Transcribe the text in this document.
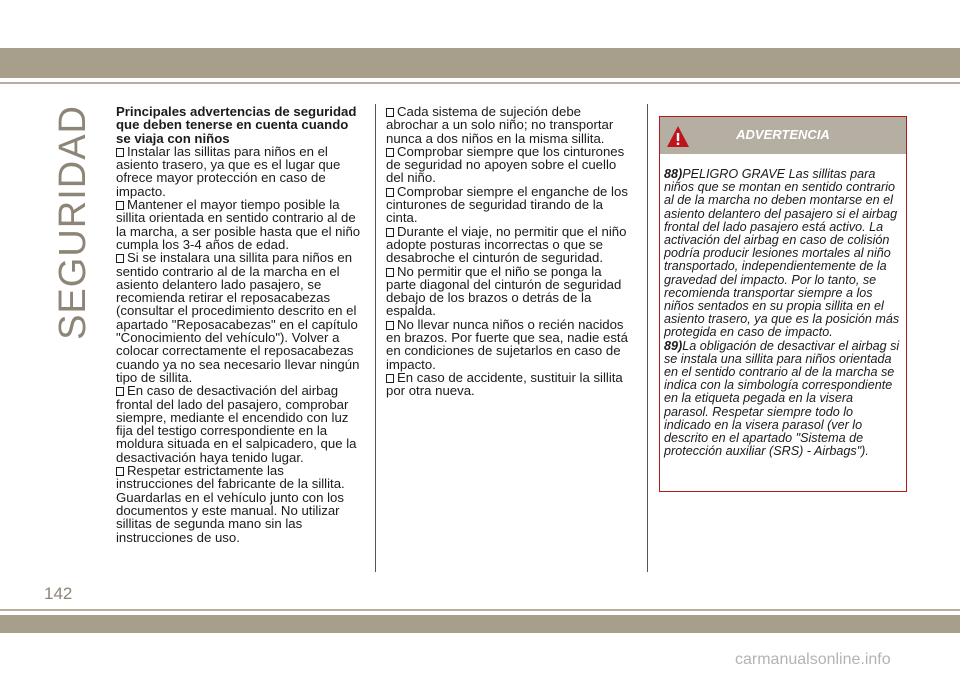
SEGURIDAD Principales advertencias de seguridad que deben tenerse en cuenta cuando se viaja con niños

Instalar las sillitas para niños en el asiento trasero, ya que es el lugar que ofrece mayor protección en caso de impacto.

Mantener el mayor tiempo posible la sillita orientada en sentido contrario al de la marcha, a ser posible hasta que el niño cumpla los 3-4 años de edad.

Si se instalara una sillita para niños en sentido contrario al de la marcha en el asiento delantero lado pasajero, se recomienda retirar el reposacabezas (consultar el procedimiento descrito en el apartado "Reposacabezas" en el capítulo "Conocimiento del vehículo"). Volver a colocar correctamente el reposacabezas cuando ya no sea necesario llevar ningún tipo de sillita.

En caso de desactivación del airbag frontal del lado del pasajero, comprobar siempre, mediante el encendido con luz fija del testigo correspondiente en la moldura situada en el salpicadero, que la desactivación haya tenido lugar.

Respetar estrictamente las instrucciones del fabricante de la sillita. Guardarlas en el vehículo junto con los documentos y este manual. No utilizar sillitas de segunda mano sin las instrucciones de uso.

Cada sistema de sujeción debe abrochar a un solo niño; no transportar nunca a dos niños en la misma sillita.

Comprobar siempre que los cinturones de seguridad no apoyen sobre el cuello del niño.

Comprobar siempre el enganche de los cinturones de seguridad tirando de la cinta.

Durante el viaje, no permitir que el niño adopte posturas incorrectas o que se desabroche el cinturón de seguridad.

No permitir que el niño se ponga la parte diagonal del cinturón de seguridad debajo de los brazos o detrás de la espalda.

No llevar nunca niños o recién nacidos en brazos. Por fuerte que sea, nadie está en condiciones de sujetarlos en caso de impacto.

En caso de accidente, sustituir la sillita por otra nueva.

ADVERTENCIA
88)PELIGRO GRAVE Las sillitas para niños que se montan en sentido contrario al de la marcha no deben montarse en el asiento delantero del pasajero si el airbag frontal del lado pasajero está activo. La activación del airbag en caso de colisión podría producir lesiones mortales al niño transportado, independientemente de la gravedad del impacto. Por lo tanto, se recomienda transportar siempre a los niños sentados en su propia sillita en el asiento trasero, ya que es la posición más protegida en caso de impacto.
89)La obligación de desactivar el airbag si se instala una sillita para niños orientada en el sentido contrario al de la marcha se indica con la simbología correspondiente en la etiqueta pegada en la visera parasol. Respetar siempre todo lo indicado en la visera parasol (ver lo descrito en el apartado "Sistema de protección auxiliar (SRS) - Airbags").
142
carmanualsonline.info
